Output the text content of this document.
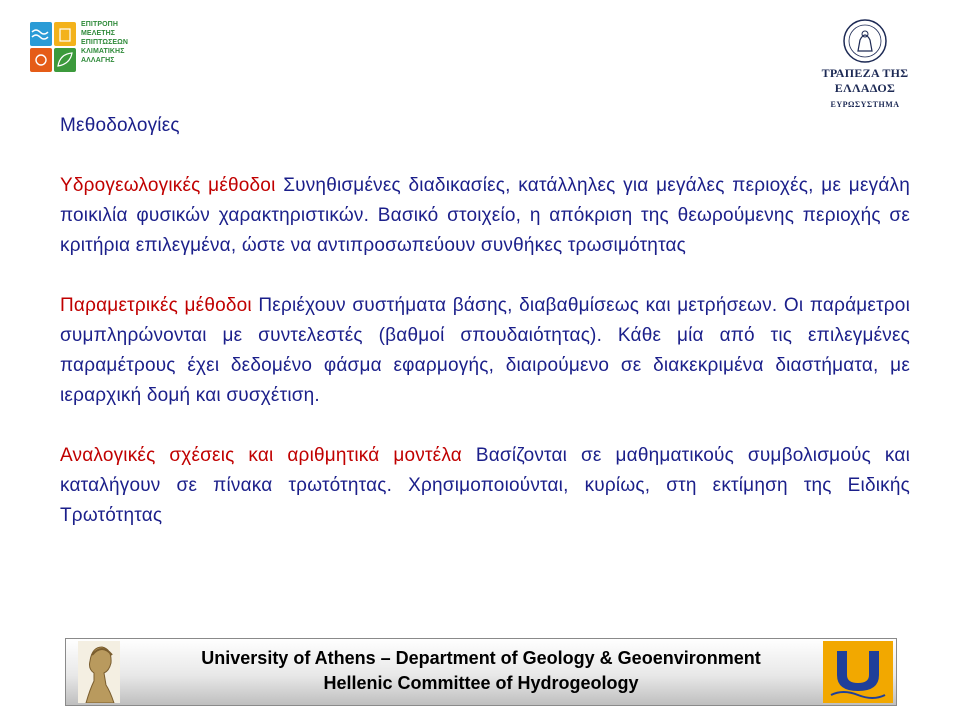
ΕΠΙΤΡΟΠΗ
ΜΕΛΕΤΗΣ
ΕΠΙΠΤΩΣΕΩΝ
ΚΛΙΜΑΤΙΚΗΣ
ΑΛΛΑΓΗΣ
ΤΡΑΠΕΖΑ ΤΗΣ ΕΛΛΑΔΟΣ
ΕΥΡΩΣΥΣΤΗΜΑ
Μεθοδολογίες

Υδρογεωλογικές μέθοδοι Συνηθισμένες διαδικασίες, κατάλληλες για μεγάλες περιοχές, με μεγάλη ποικιλία φυσικών χαρακτηριστικών. Βασικό στοιχείο, η απόκριση της θεωρούμενης περιοχής σε κριτήρια επιλεγμένα, ώστε να αντιπροσωπεύουν συνθήκες τρωσιμότητας

Παραμετρικές μέθοδοι Περιέχουν συστήματα βάσης, διαβαθμίσεως και μετρήσεων. Οι παράμετροι συμπληρώνονται με συντελεστές (βαθμοί σπουδαιότητας). Κάθε μία από τις επιλεγμένες παραμέτρους έχει δεδομένο φάσμα εφαρμογής, διαιρούμενο σε διακεκριμένα διαστήματα, με ιεραρχική δομή και συσχέτιση.

Αναλογικές σχέσεις και αριθμητικά μοντέλα Βασίζονται σε μαθηματικούς συμβολισμούς και καταλήγουν σε πίνακα τρωτότητας. Χρησιμοποιούνται, κυρίως, στη εκτίμηση της Ειδικής Τρωτότητας

University of Athens – Department of Geology & Geoenvironment
Hellenic Committee of Hydrogeology
